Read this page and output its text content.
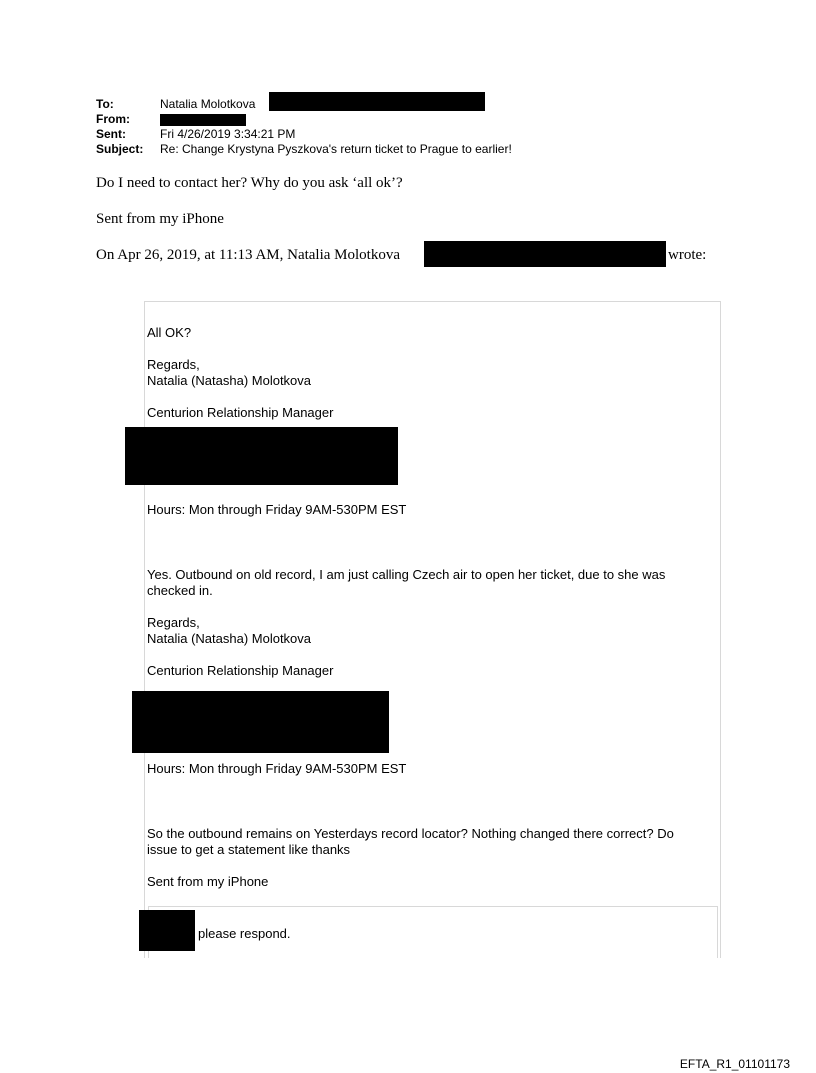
To:	Natalia Molotkova
From:
Sent:	Fri 4/26/2019 3:34:21 PM
Subject: Re: Change Krystyna Pyszkova's return ticket to Prague to earlier!
Do I need to contact her? Why do you ask ‘all ok’?
Sent from my iPhone
On Apr 26, 2019, at 11:13 AM, Natalia Molotkova	wrote:
All OK?
Regards,
Natalia (Natasha) Molotkova
Centurion Relationship Manager
Hours: Mon through Friday 9AM-530PM EST
Yes. Outbound on old record, I am just calling Czech air to open her ticket, due to she was
checked in.
Regards,
Natalia (Natasha) Molotkova
Centurion Relationship Manager
Hours: Mon through Friday 9AM-530PM EST
So the outbound remains on Yesterdays record locator? Nothing changed there correct? Do
issue to get a statement like thanks
Sent from my iPhone
please respond.
EFTA_R1_01101173
